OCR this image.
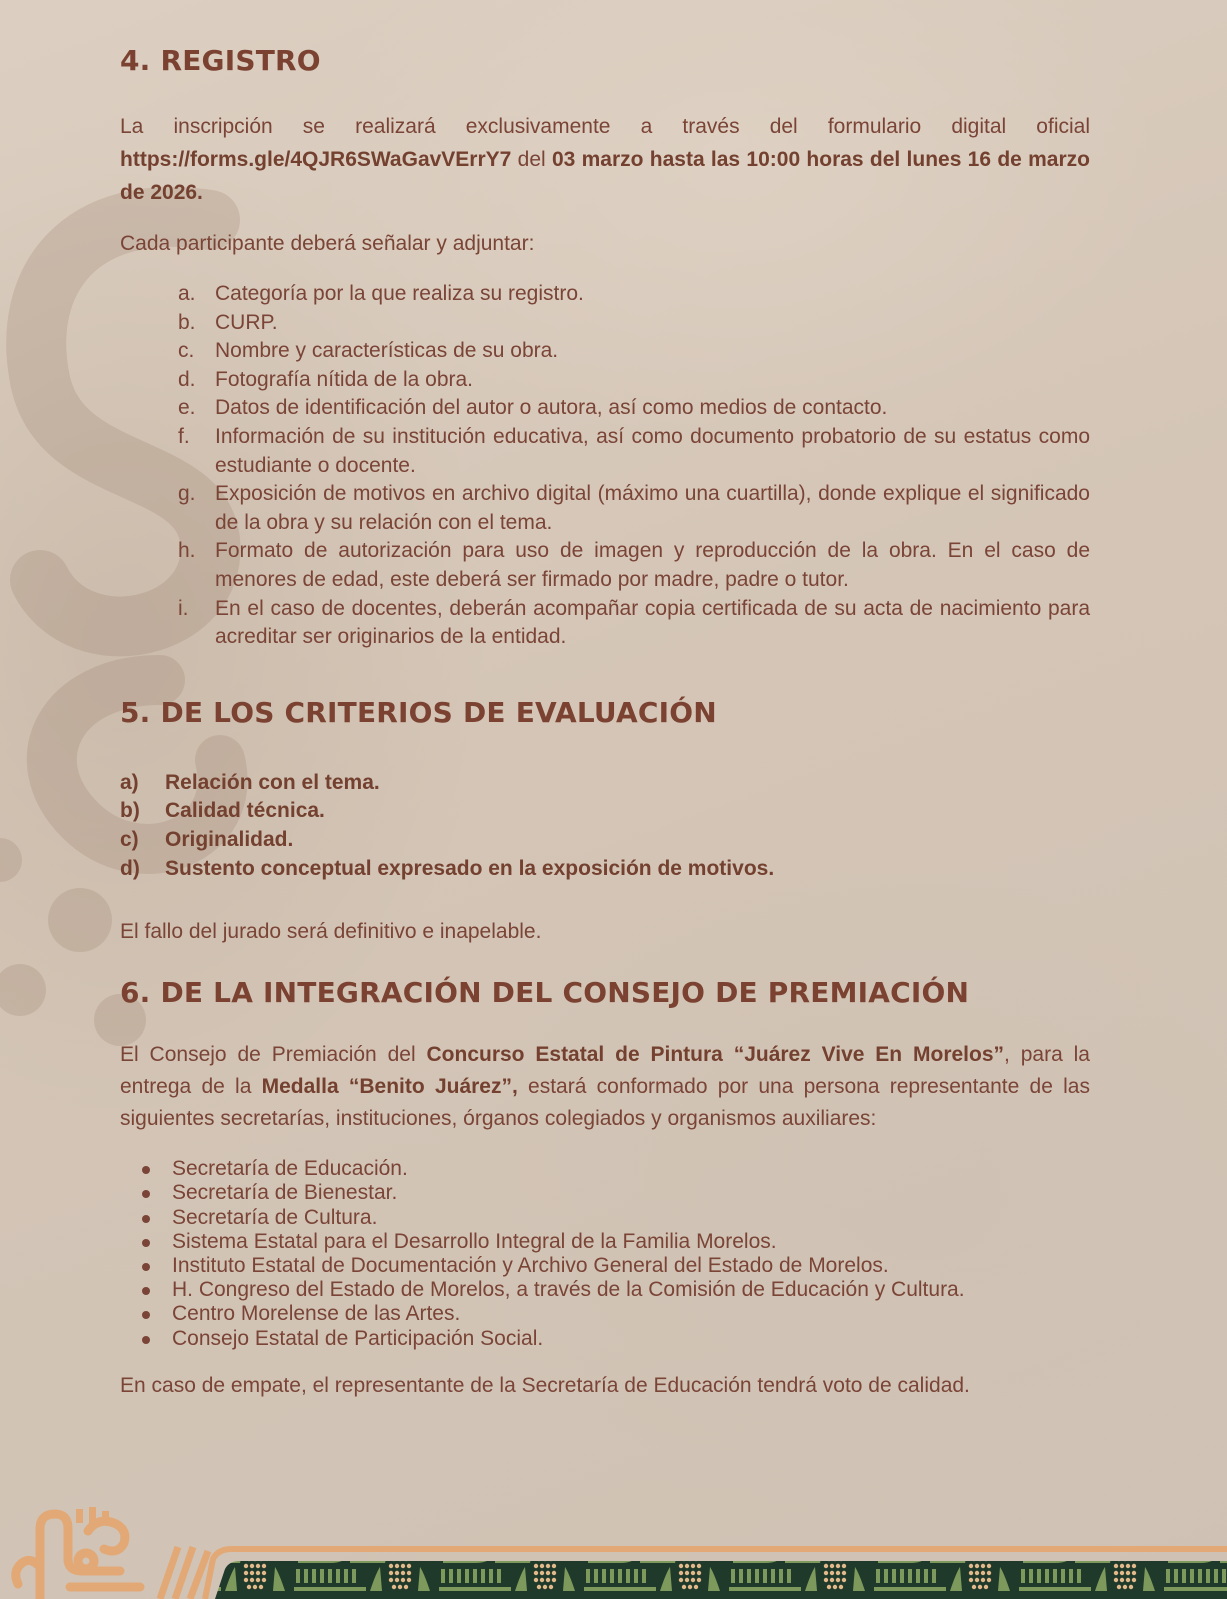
4. REGISTRO

La inscripción se realizará exclusivamente a través del formulario digital oficial https://forms.gle/4QJR6SWaGavVErrY7 del 03 marzo hasta las 10:00 horas del lunes 16 de marzo de 2026.

Cada participante deberá señalar y adjuntar:

a. Categoría por la que realiza su registro.
b. CURP.
c. Nombre y características de su obra.
d. Fotografía nítida de la obra.
e. Datos de identificación del autor o autora, así como medios de contacto.
f. Información de su institución educativa, así como documento probatorio de su estatus como estudiante o docente.
g. Exposición de motivos en archivo digital (máximo una cuartilla), donde explique el significado de la obra y su relación con el tema.
h. Formato de autorización para uso de imagen y reproducción de la obra. En el caso de menores de edad, este deberá ser firmado por madre, padre o tutor.
i. En el caso de docentes, deberán acompañar copia certificada de su acta de nacimiento para acreditar ser originarios de la entidad.
5. DE LOS CRITERIOS DE EVALUACIÓN
a) Relación con el tema.
b) Calidad técnica.
c) Originalidad.
d) Sustento conceptual expresado en la exposición de motivos.

El fallo del jurado será definitivo e inapelable.

6. DE LA INTEGRACIÓN DEL CONSEJO DE PREMIACIÓN

El Consejo de Premiación del Concurso Estatal de Pintura “Juárez Vive En Morelos”, para la entrega de la Medalla “Benito Juárez”, estará conformado por una persona representante de las siguientes secretarías, instituciones, órganos colegiados y organismos auxiliares:

Secretaría de Educación.
Secretaría de Bienestar.
Secretaría de Cultura.
Sistema Estatal para el Desarrollo Integral de la Familia Morelos.
Instituto Estatal de Documentación y Archivo General del Estado de Morelos.
H. Congreso del Estado de Morelos, a través de la Comisión de Educación y Cultura.
Centro Morelense de las Artes.
Consejo Estatal de Participación Social.

En caso de empate, el representante de la Secretaría de Educación tendrá voto de calidad.
